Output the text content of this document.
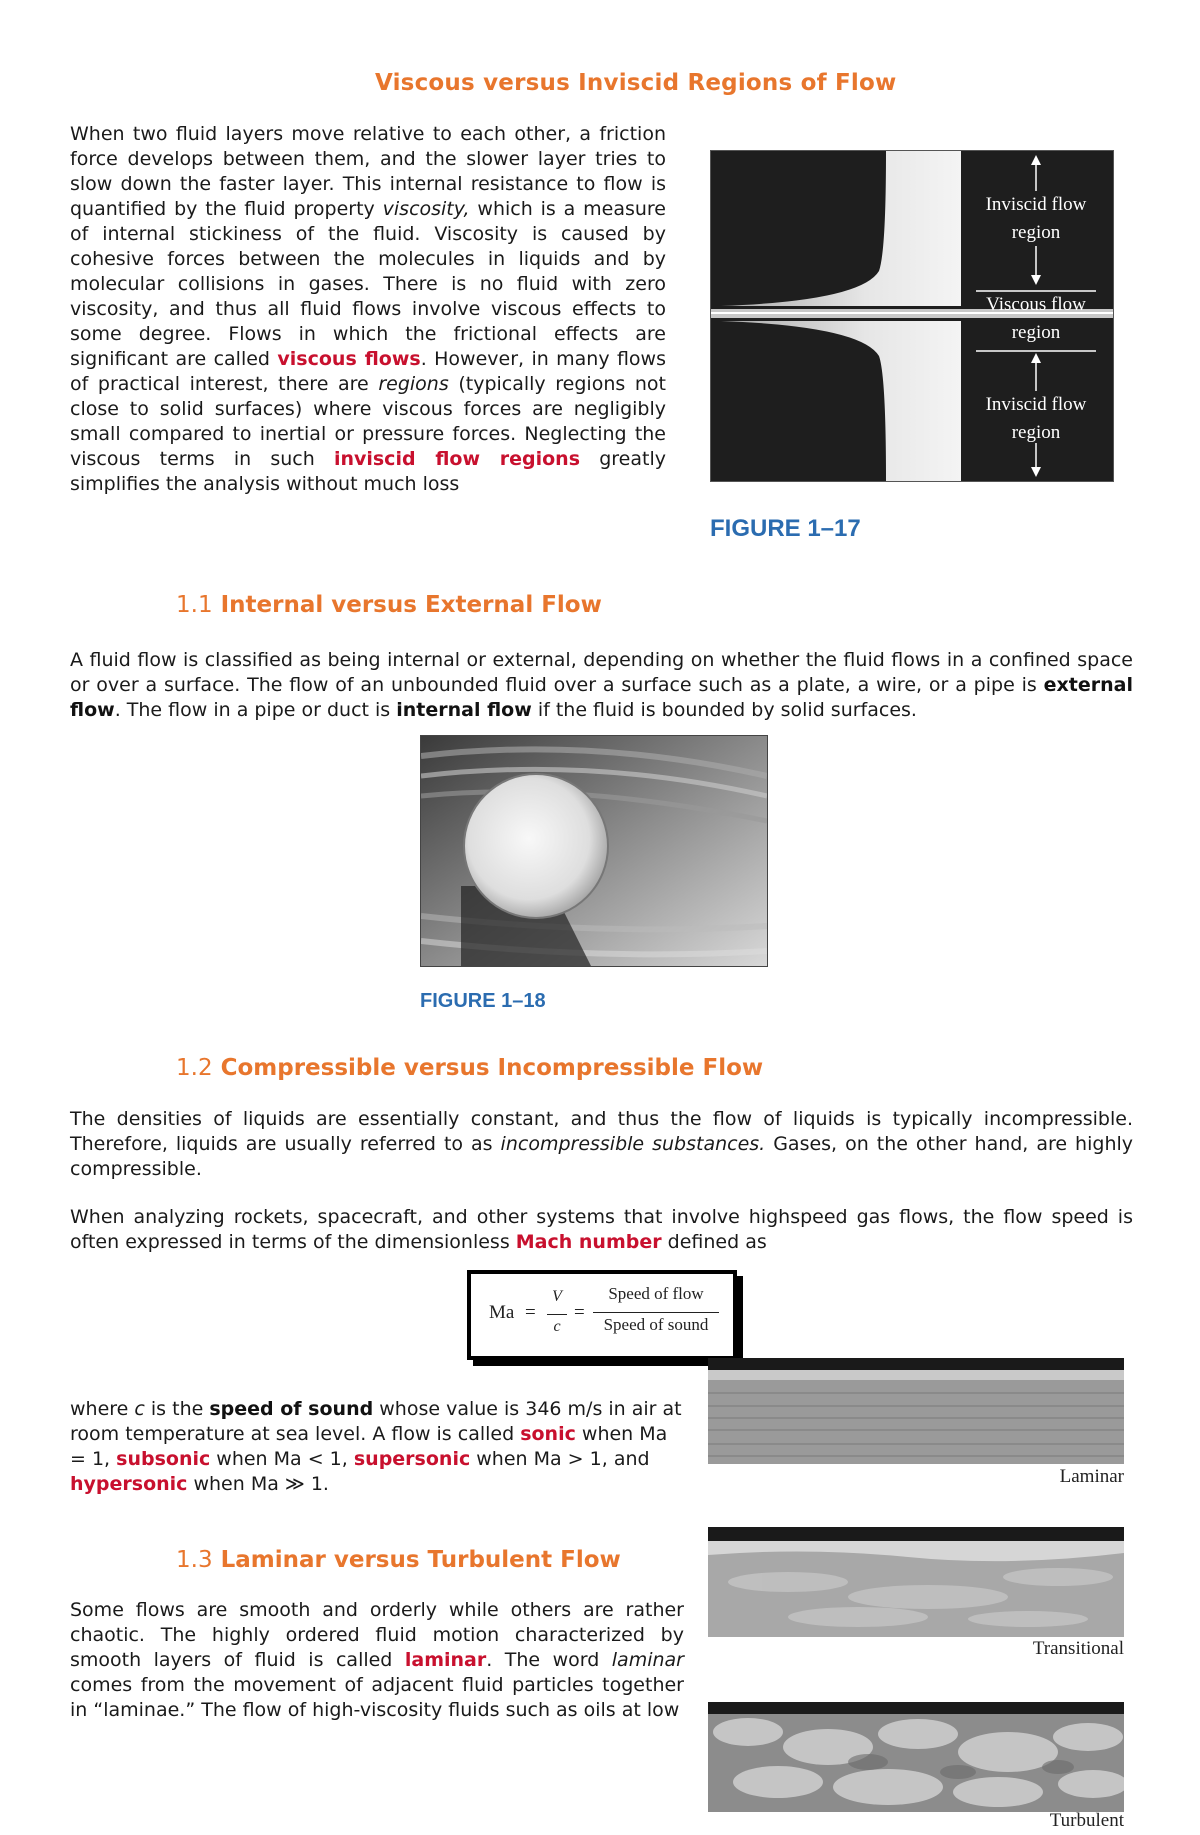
Viscous versus Inviscid Regions of Flow

When two fluid layers move relative to each other, a friction force develops between them, and the slower layer tries to slow down the faster layer. This internal resistance to flow is quantified by the fluid property viscosity, which is a measure of internal stickiness of the fluid. Viscosity is caused by cohesive forces between the molecules in liquids and by molecular collisions in gases. There is no fluid with zero viscosity, and thus all fluid flows involve viscous effects to some degree. Flows in which the frictional effects are significant are called viscous flows. However, in many flows of practical interest, there are regions (typically regions not close to solid surfaces) where viscous forces are negligibly small compared to inertial or pressure forces. Neglecting the viscous terms in such inviscid flow regions greatly simplifies the analysis without much loss

Inviscid flow
region
Viscous flow
region
Inviscid flow
region
FIGURE 1–17
1.1 Internal versus External Flow

A fluid flow is classified as being internal or external, depending on whether the fluid flows in a confined space or over a surface. The flow of an unbounded fluid over a surface such as a plate, a wire, or a pipe is external flow. The flow in a pipe or duct is internal flow if the fluid is bounded by solid surfaces.

FIGURE 1–18
1.2 Compressible versus Incompressible Flow

The densities of liquids are essentially constant, and thus the flow of liquids is typically incompressible. Therefore, liquids are usually referred to as incompressible substances. Gases, on the other hand, are highly compressible.

When analyzing rockets, spacecraft, and other systems that involve highspeed gas flows, the flow speed is often expressed in terms of the dimensionless Mach number defined as

Ma =
V
c
=
Speed of flow
Speed of sound

where c is the speed of sound whose value is 346 m/s in air at room temperature at sea level. A flow is called sonic when Ma = 1, subsonic when Ma < 1, supersonic when Ma > 1, and hypersonic when Ma ≫ 1.	Laminar
Transitional
Turbulent
1.3 Laminar versus Turbulent Flow

Some flows are smooth and orderly while others are rather chaotic. The highly ordered fluid motion characterized by smooth layers of fluid is called laminar. The word laminar comes from the movement of adjacent fluid particles together in “laminae.” The flow of high-viscosity fluids such as oils at low
